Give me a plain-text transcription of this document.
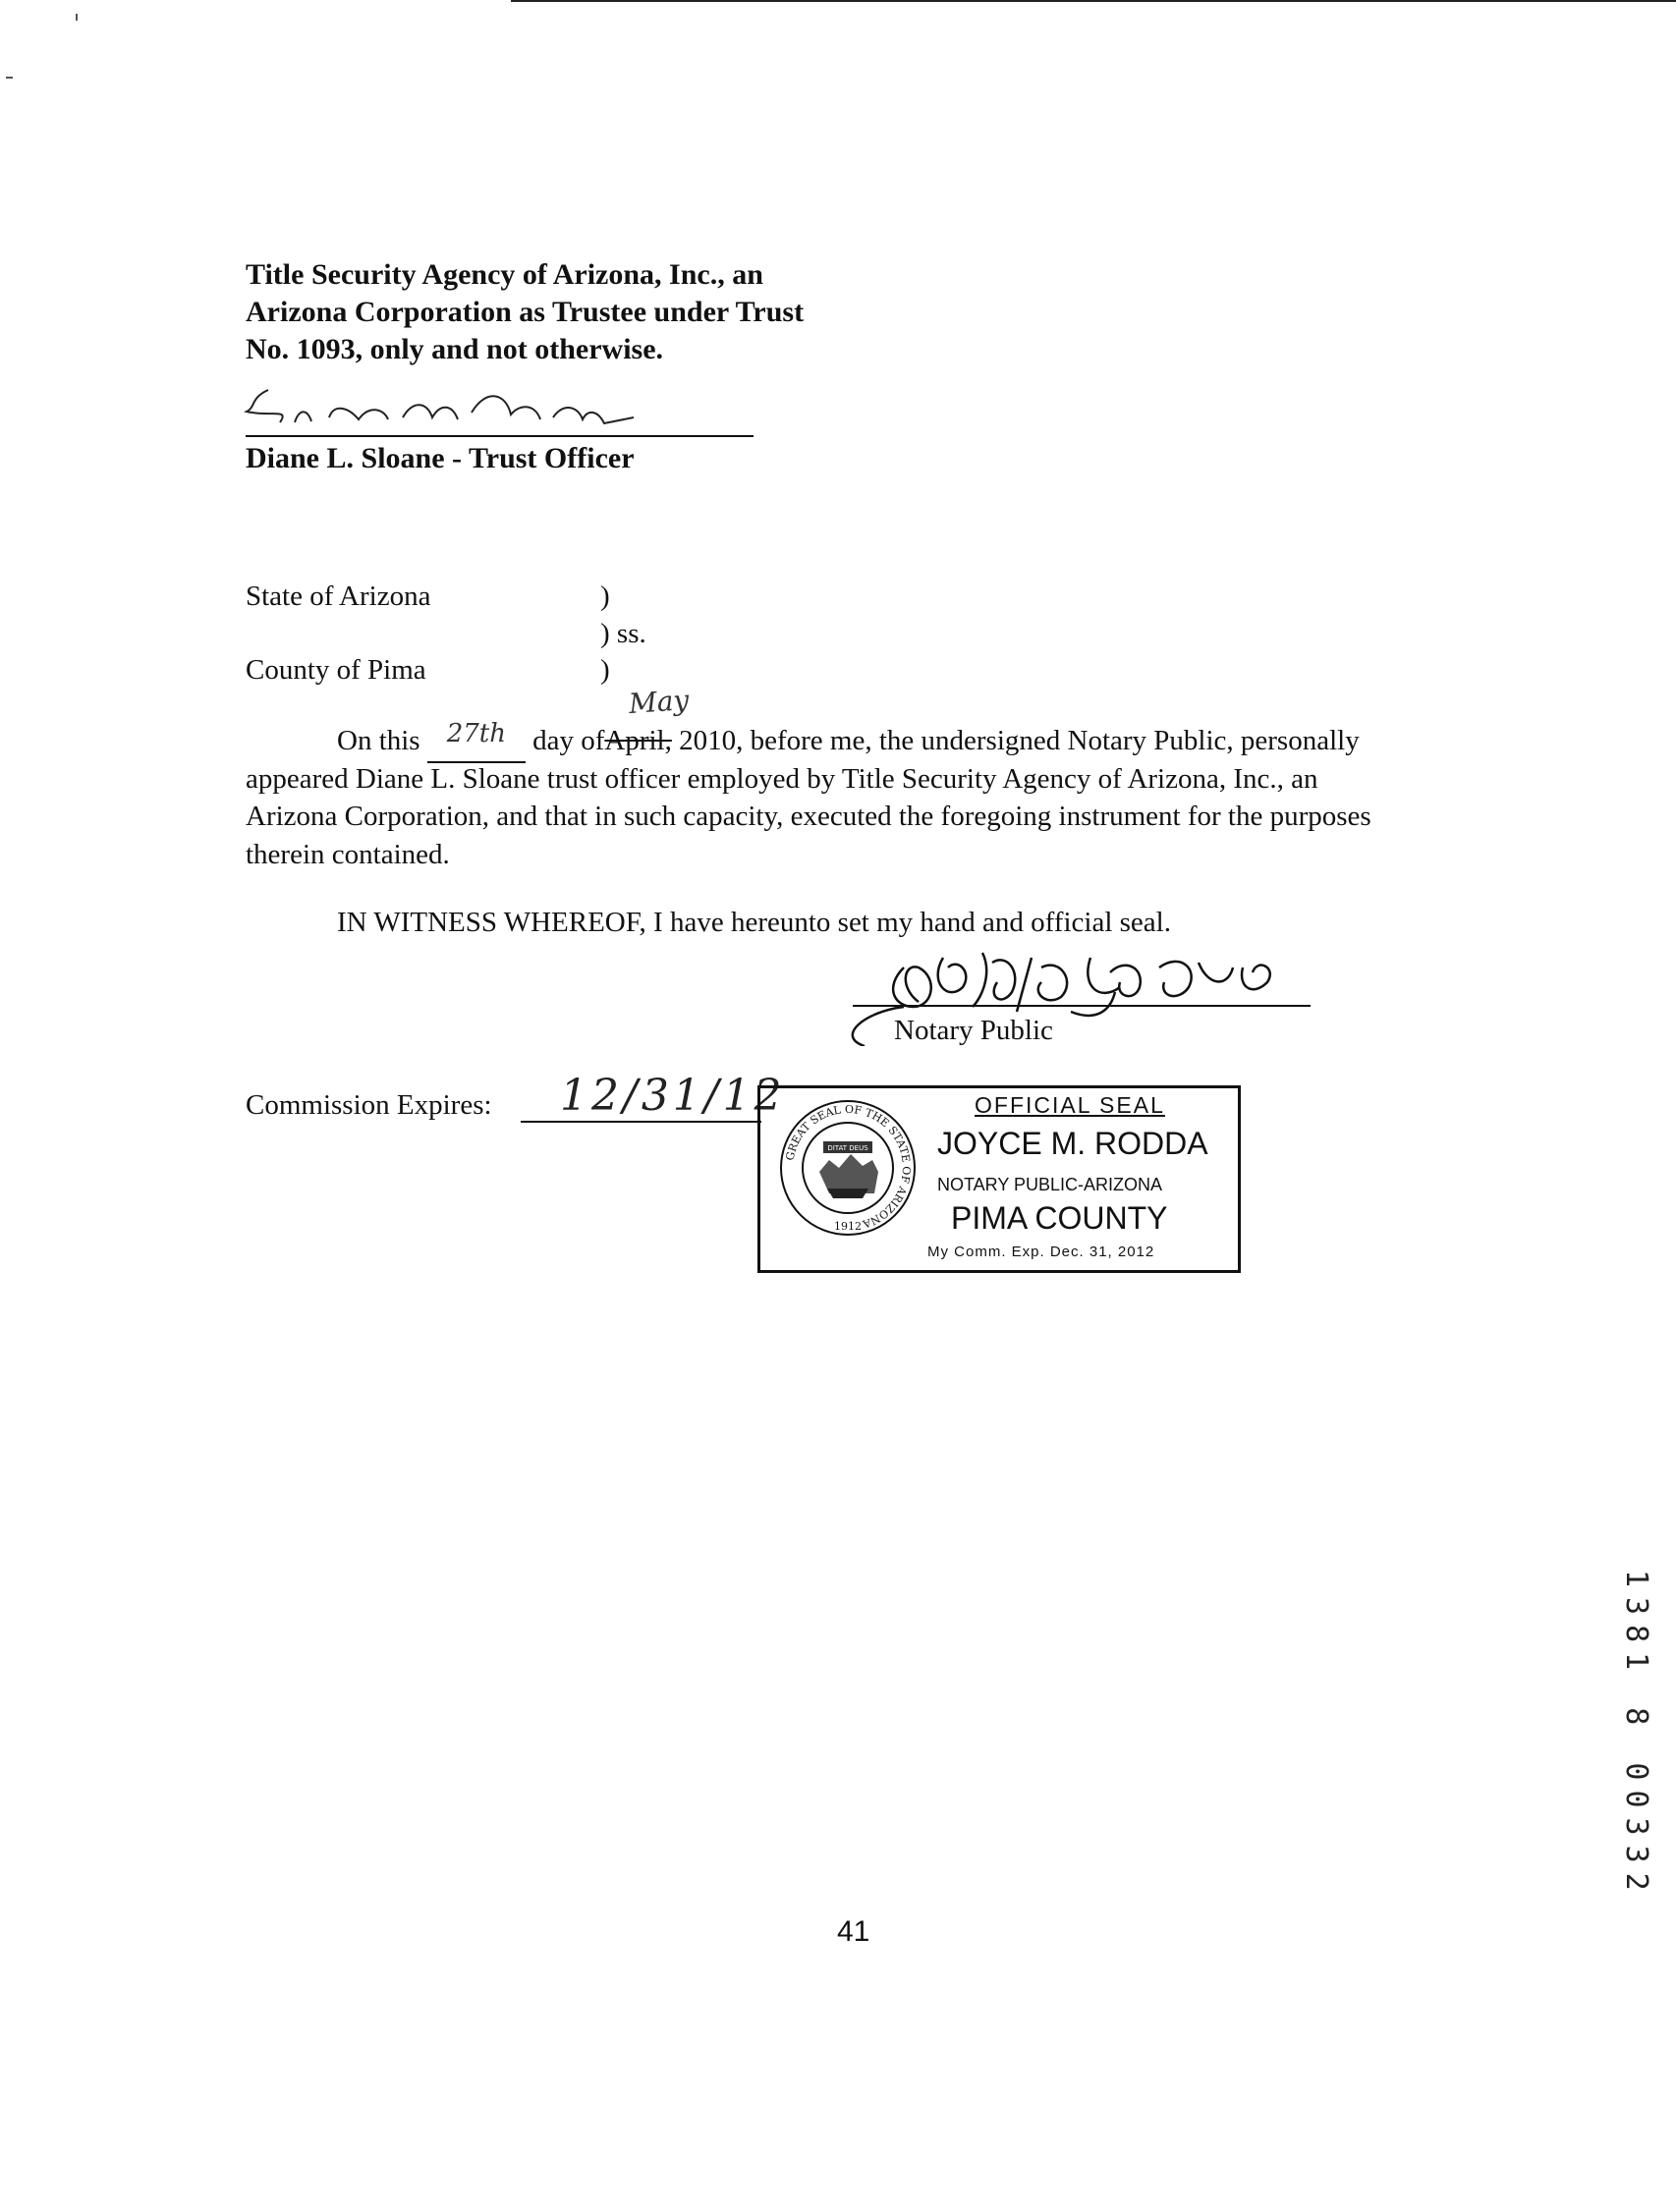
Title Security Agency of Arizona, Inc., an
Arizona Corporation as Trustee under Trust
No. 1093, only and not otherwise.
Diane L. Sloane - Trust Officer
State of Arizona	)
) ss.
County of Pima	)
May
On this 27th day ofApril, 2010, before me, the undersigned Notary Public, personally
appeared Diane L. Sloane trust officer employed by Title Security Agency of Arizona, Inc., an
Arizona Corporation, and that in such capacity, executed the foregoing instrument for the purposes
therein contained.
IN WITNESS WHEREOF, I have hereunto set my hand and official seal.
Notary Public
Commission Expires: 12/31/12
GREAT SEAL OF THE STATE OF ARIZONA
DITAT DEUS
1912
OFFICIAL SEAL
JOYCE M. RODDA
NOTARY PUBLIC-ARIZONA
PIMA COUNTY
My Comm. Exp. Dec. 31, 2012
1381 8 00332
41
